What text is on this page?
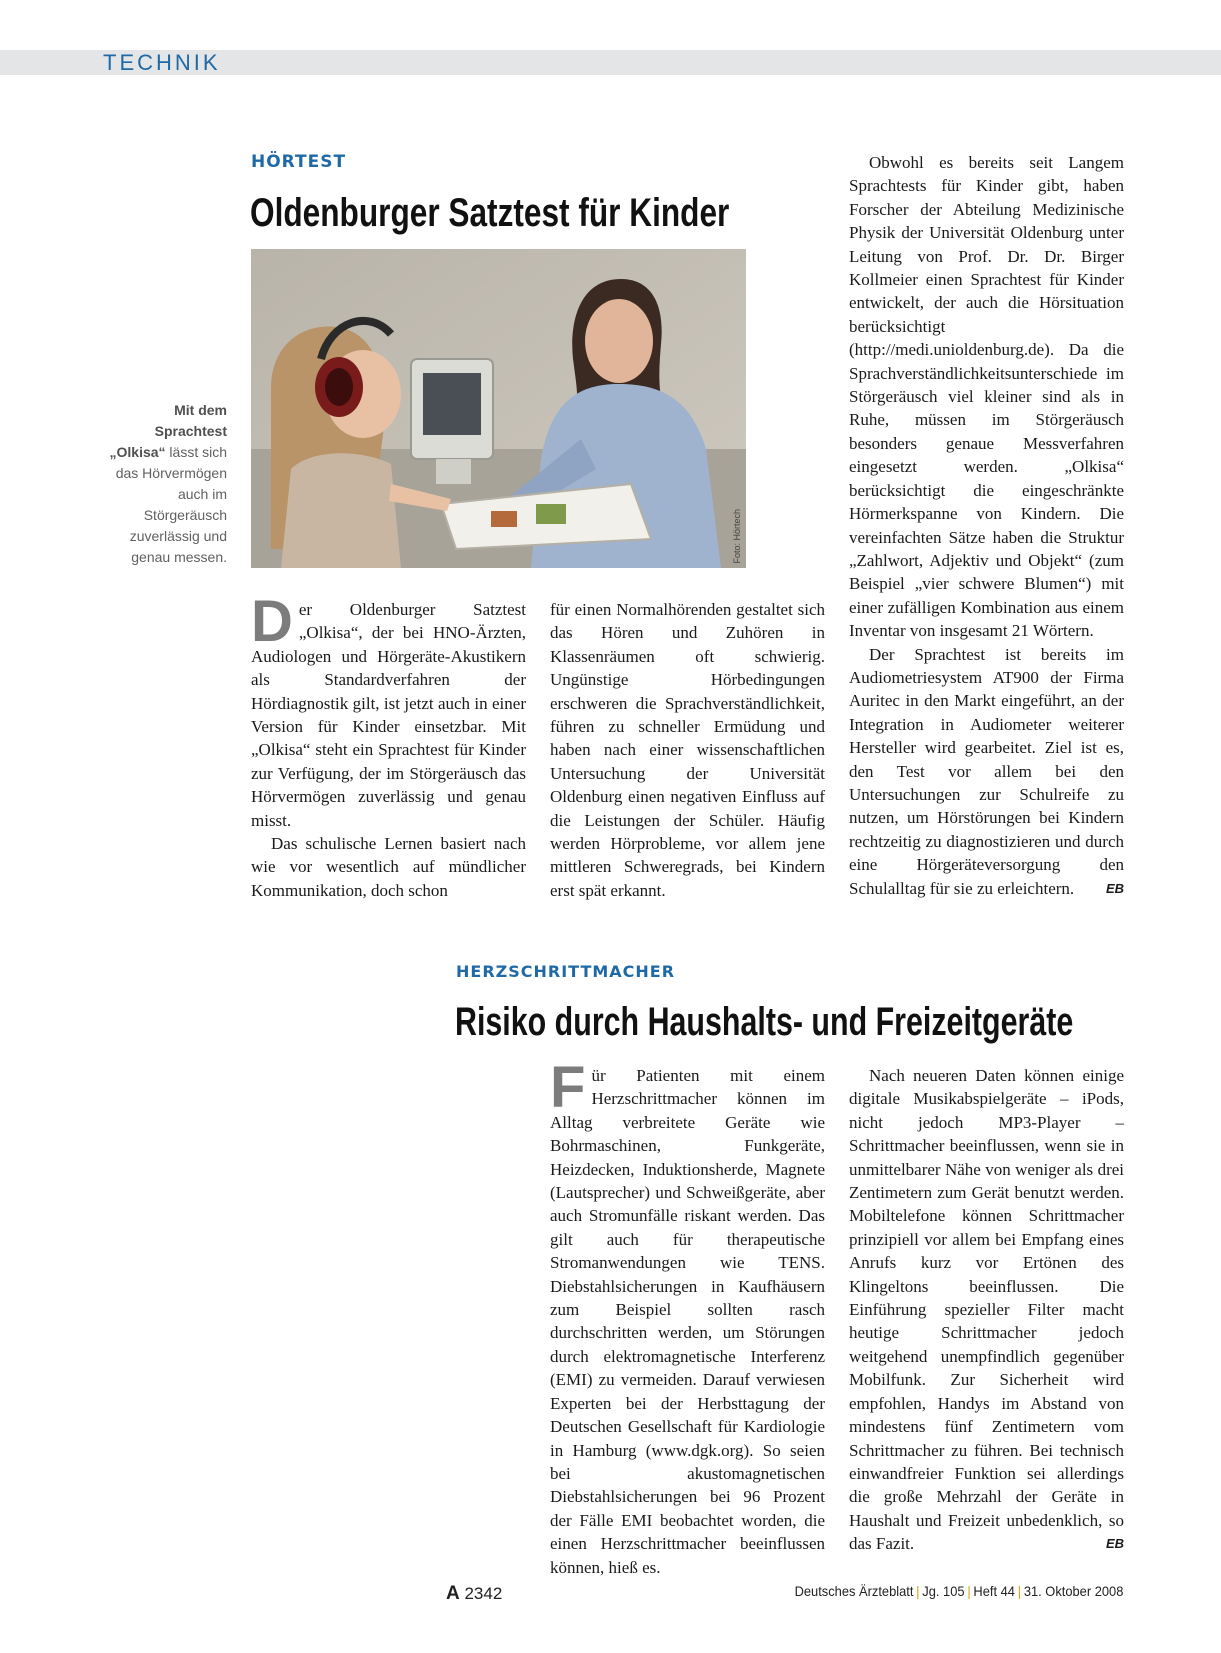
TECHNIK
HÖRTEST
Oldenburger Satztest für Kinder
Mit dem Sprachtest „Olkisa“ lässt sich das Hörvermögen auch im Störgeräusch zuverlässig und genau messen.	Foto: Hörtech

Der Oldenburger Satztest „Olkisa“, der bei HNO-Ärzten, Audiologen und Hörgeräte-Akustikern als Standardverfahren der Hördiagnostik gilt, ist jetzt auch in einer Version für Kinder einsetzbar. Mit „Olkisa“ steht ein Sprachtest für Kinder zur Verfügung, der im Störgeräusch das Hörvermögen zuverlässig und genau misst.

Das schulische Lernen basiert nach wie vor wesentlich auf mündlicher Kommunikation, doch schon

für einen Normalhörenden gestaltet sich das Hören und Zuhören in Klassenräumen oft schwierig. Ungünstige Hörbedingungen erschweren die Sprachverständlichkeit, führen zu schneller Ermüdung und haben nach einer wissenschaftlichen Untersuchung der Universität Oldenburg einen negativen Einfluss auf die Leistungen der Schüler. Häufig werden Hörprobleme, vor allem jene mittleren Schweregrads, bei Kindern erst spät erkannt.

Obwohl es bereits seit Langem Sprachtests für Kinder gibt, haben Forscher der Abteilung Medizinische Physik der Universität Oldenburg unter Leitung von Prof. Dr. Dr. Birger Kollmeier einen Sprachtest für Kinder entwickelt, der auch die Hörsituation berücksichtigt (http://medi.unioldenburg.de). Da die Sprachverständlichkeitsunterschiede im Störgeräusch viel kleiner sind als in Ruhe, müssen im Störgeräusch besonders genaue Messverfahren eingesetzt werden. „Olkisa“ berücksichtigt die eingeschränkte Hörmerkspanne von Kindern. Die vereinfachten Sätze haben die Struktur „Zahlwort, Adjektiv und Objekt“ (zum Beispiel „vier schwere Blumen“) mit einer zufälligen Kombination aus einem Inventar von insgesamt 21 Wörtern.

Der Sprachtest ist bereits im Audiometriesystem AT900 der Firma Auritec in den Markt eingeführt, an der Integration in Audiometer weiterer Hersteller wird gearbeitet. Ziel ist es, den Test vor allem bei den Untersuchungen zur Schulreife zu nutzen, um Hörstörungen bei Kindern rechtzeitig zu diagnostizieren und durch eine Hörgeräteversorgung den Schulalltag für sie zu erleichtern.	EB

HERZSCHRITTMACHER
Risiko durch Haushalts- und Freizeitgeräte

Für Patienten mit einem Herzschrittmacher können im Alltag verbreitete Geräte wie Bohrmaschinen, Funkgeräte, Heizdecken, Induktionsherde, Magnete (Lautsprecher) und Schweißgeräte, aber auch Stromunfälle riskant werden. Das gilt auch für therapeutische Stromanwendungen wie TENS. Diebstahlsicherungen in Kaufhäusern zum Beispiel sollten rasch durchschritten werden, um Störungen durch elektromagnetische Interferenz (EMI) zu vermeiden. Darauf verwiesen Experten bei der Herbsttagung der Deutschen Gesellschaft für Kardiologie in Hamburg (www.dgk.org). So seien bei akustomagnetischen Diebstahlsicherungen bei 96 Prozent der Fälle EMI beobachtet worden, die einen Herzschrittmacher beeinflussen können, hieß es.

Nach neueren Daten können einige digitale Musikabspielgeräte – iPods, nicht jedoch MP3-Player – Schrittmacher beeinflussen, wenn sie in unmittelbarer Nähe von weniger als drei Zentimetern zum Gerät benutzt werden. Mobiltelefone können Schrittmacher prinzipiell vor allem bei Empfang eines Anrufs kurz vor Ertönen des Klingeltons beeinflussen. Die Einführung spezieller Filter macht heutige Schrittmacher jedoch weitgehend unempfindlich gegenüber Mobilfunk. Zur Sicherheit wird empfohlen, Handys im Abstand von mindestens fünf Zentimetern vom Schrittmacher zu führen. Bei technisch einwandfreier Funktion sei allerdings die große Mehrzahl der Geräte in Haushalt und Freizeit unbedenklich, so das Fazit.	EB

A 2342	Deutsches Ärzteblatt | Jg. 105 | Heft 44 | 31. Oktober 2008
